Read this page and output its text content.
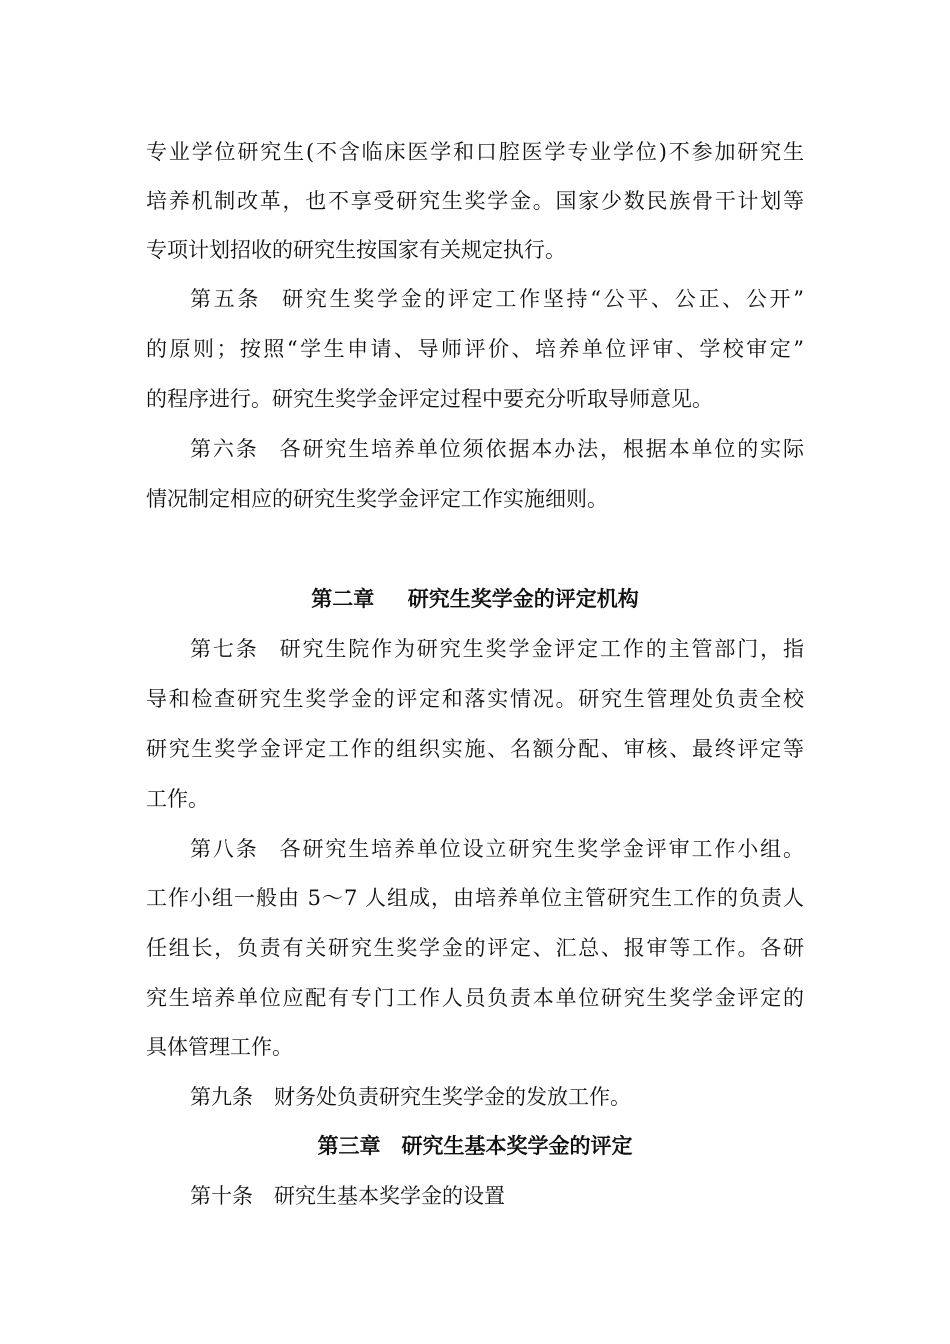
专业学位研究生(不含临床医学和口腔医学专业学位)不参加研究生
培养机制改革，也不享受研究生奖学金。国家少数民族骨干计划等
专项计划招收的研究生按国家有关规定执行。
第五条 研究生奖学金的评定工作坚持“公平、公正、公开”
的原则；按照“学生申请、导师评价、培养单位评审、学校审定”
的程序进行。研究生奖学金评定过程中要充分听取导师意见。
第六条 各研究生培养单位须依据本办法，根据本单位的实际
情况制定相应的研究生奖学金评定工作实施细则。
第二章 研究生奖学金的评定机构
第七条 研究生院作为研究生奖学金评定工作的主管部门，指
导和检查研究生奖学金的评定和落实情况。研究生管理处负责全校
研究生奖学金评定工作的组织实施、名额分配、审核、最终评定等
工作。
第八条 各研究生培养单位设立研究生奖学金评审工作小组。
工作小组一般由 5～7 人组成，由培养单位主管研究生工作的负责人
任组长，负责有关研究生奖学金的评定、汇总、报审等工作。各研
究生培养单位应配有专门工作人员负责本单位研究生奖学金评定的
具体管理工作。
第九条 财务处负责研究生奖学金的发放工作。
第三章 研究生基本奖学金的评定
第十条 研究生基本奖学金的设置
